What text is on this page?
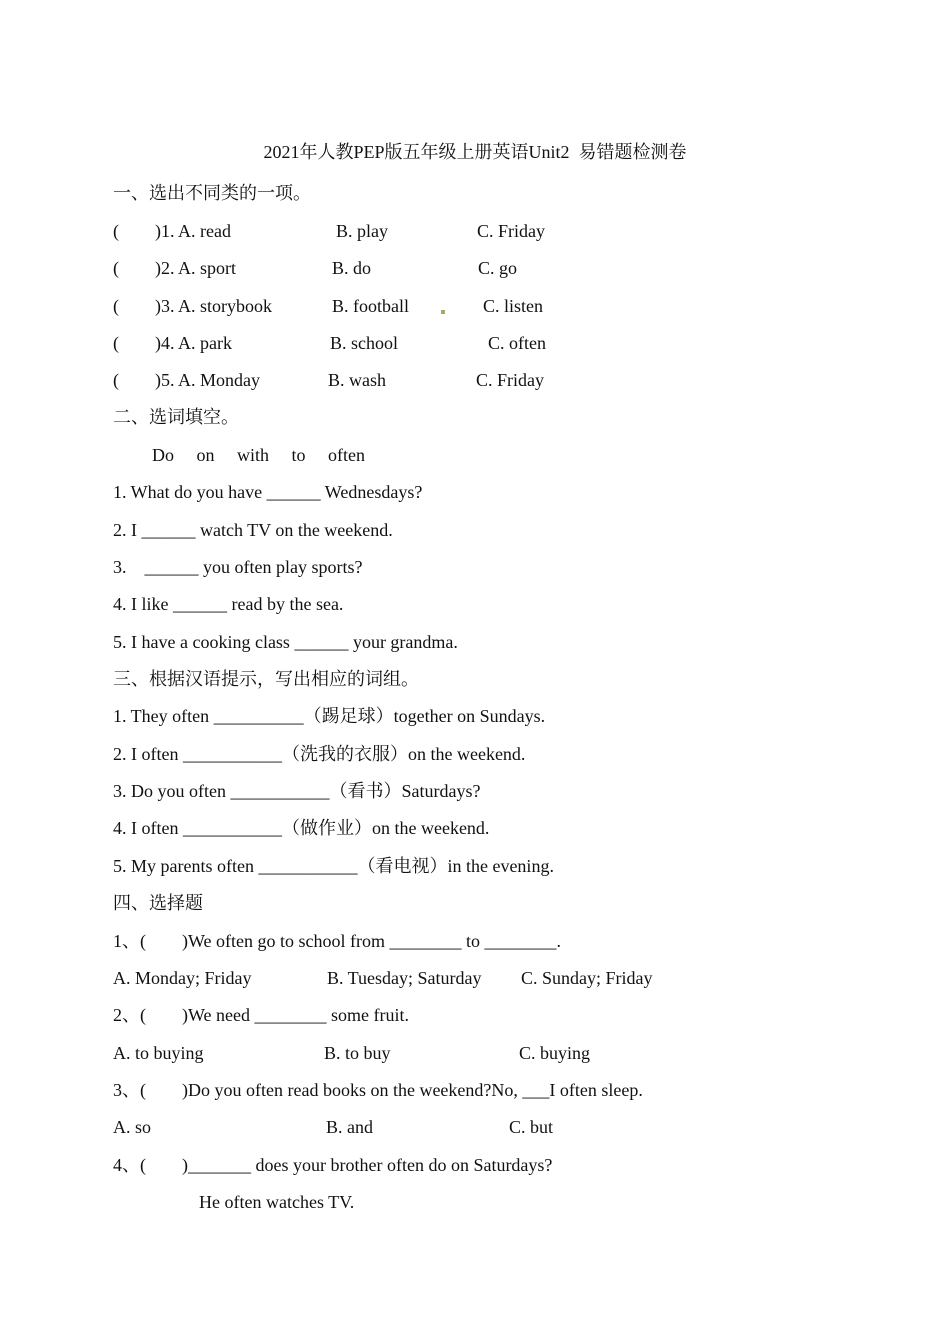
2021年人教PEP版五年级上册英语Unit2  易错题检测卷
一、选出不同类的一项。
(        )1. A. read	B. play	C. Friday
(        )2. A. sport	B. do	C. go
(        )3. A. storybook	B. football	C. listen
(        )4. A. park	B. school	C. often
(        )5. A. Monday	B. wash	C. Friday
二、选词填空。
Do     on     with     to     often
1. What do you have ______ Wednesdays?
2. I ______ watch TV on the weekend.
3.    ______ you often play sports?
4. I like ______ read by the sea.
5. I have a cooking class ______ your grandma.
三、根据汉语提示，写出相应的词组。
1. They often __________（踢足球）together on Sundays.
2. I often ___________（洗我的衣服）on the weekend.
3. Do you often ___________（看书）Saturdays?
4. I often ___________（做作业）on the weekend.
5. My parents often ___________（看电视）in the evening.
四、选择题
1、(        )We often go to school from ________ to ________.
A. Monday; Friday	B. Tuesday; Saturday C. Sunday; Friday
2、(        )We need ________ some fruit.
A. to buying	B. to buy	C. buying
3、(        )Do you often read books on the weekend?No, ___I often sleep.
A. so	B. and	C. but
4、(        )_______ does your brother often do on Saturdays?
He often watches TV.
